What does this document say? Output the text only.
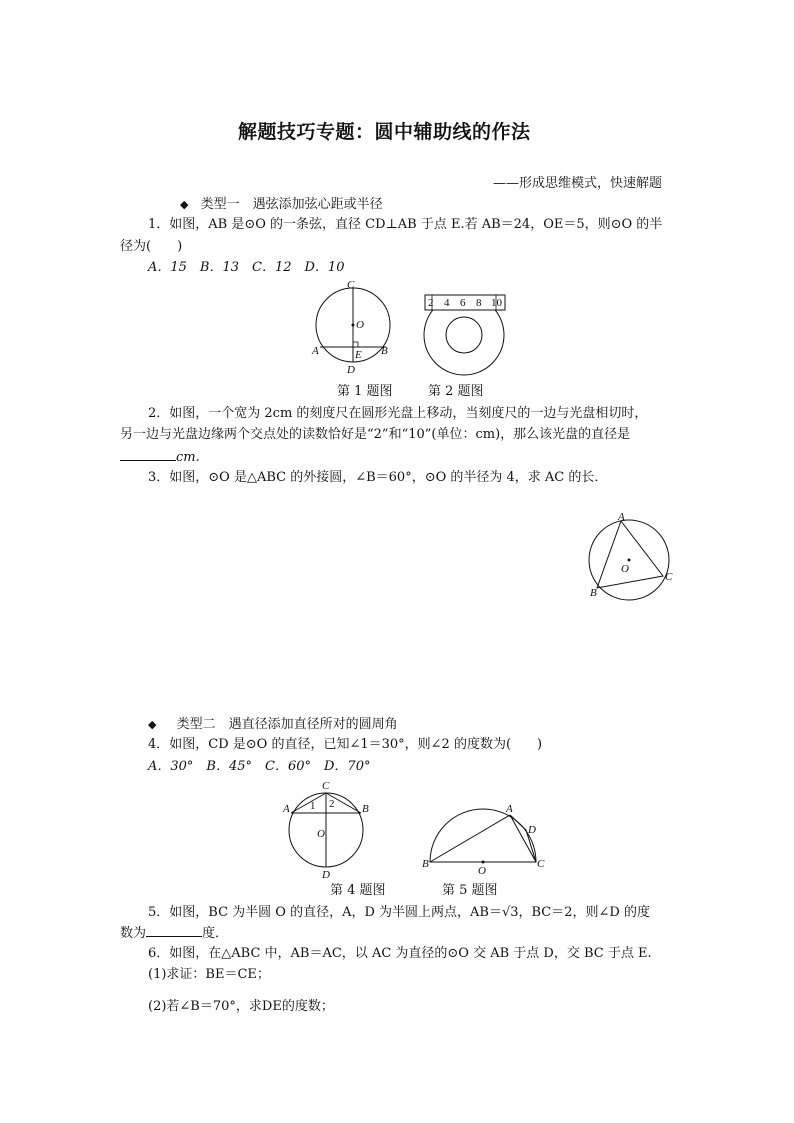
解题技巧专题：圆中辅助线的作法
——形成思维模式，快速解题
◆ 类型一　遇弦添加弦心距或半径
1．如图，AB 是⊙O 的一条弦，直径 CD⊥AB 于点 E.若 AB＝24，OE＝5，则⊙O 的半
径为(　　)
A．15　B．13　C．12　D．10
C
O
A	E B
D
2 4 6 8 10
第 1 题图	第 2 题图
2．如图，一个宽为 2cm 的刻度尺在圆形光盘上移动，当刻度尺的一边与光盘相切时，
另一边与光盘边缘两个交点处的读数恰好是“2”和“10”(单位：cm)，那么该光盘的直径是
cm.
3．如图，⊙O 是△ABC 的外接圆，∠B＝60°，⊙O 的半径为 4，求 AC 的长．
A
O
B
C
◆ 类型二　遇直径添加直径所对的圆周角
4．如图，CD 是⊙O 的直径，已知∠1＝30°，则∠2 的度数为(　　)
A．30°　B．45°　C．60°　D．70°
C
A	B
1 2
O
D
A
D
B
O
C
第 4 题图	第 5 题图
5．如图，BC 为半圆 O 的直径，A，D 为半圆上两点，AB＝√3，BC＝2，则∠D 的度
数为	度．
6．如图，在△ABC 中，AB＝AC，以 AC 为直径的⊙O 交 AB 于点 D，交 BC 于点 E.
(1)求证：BE＝CE；
(2)若∠B＝70°，求DE的度数；
